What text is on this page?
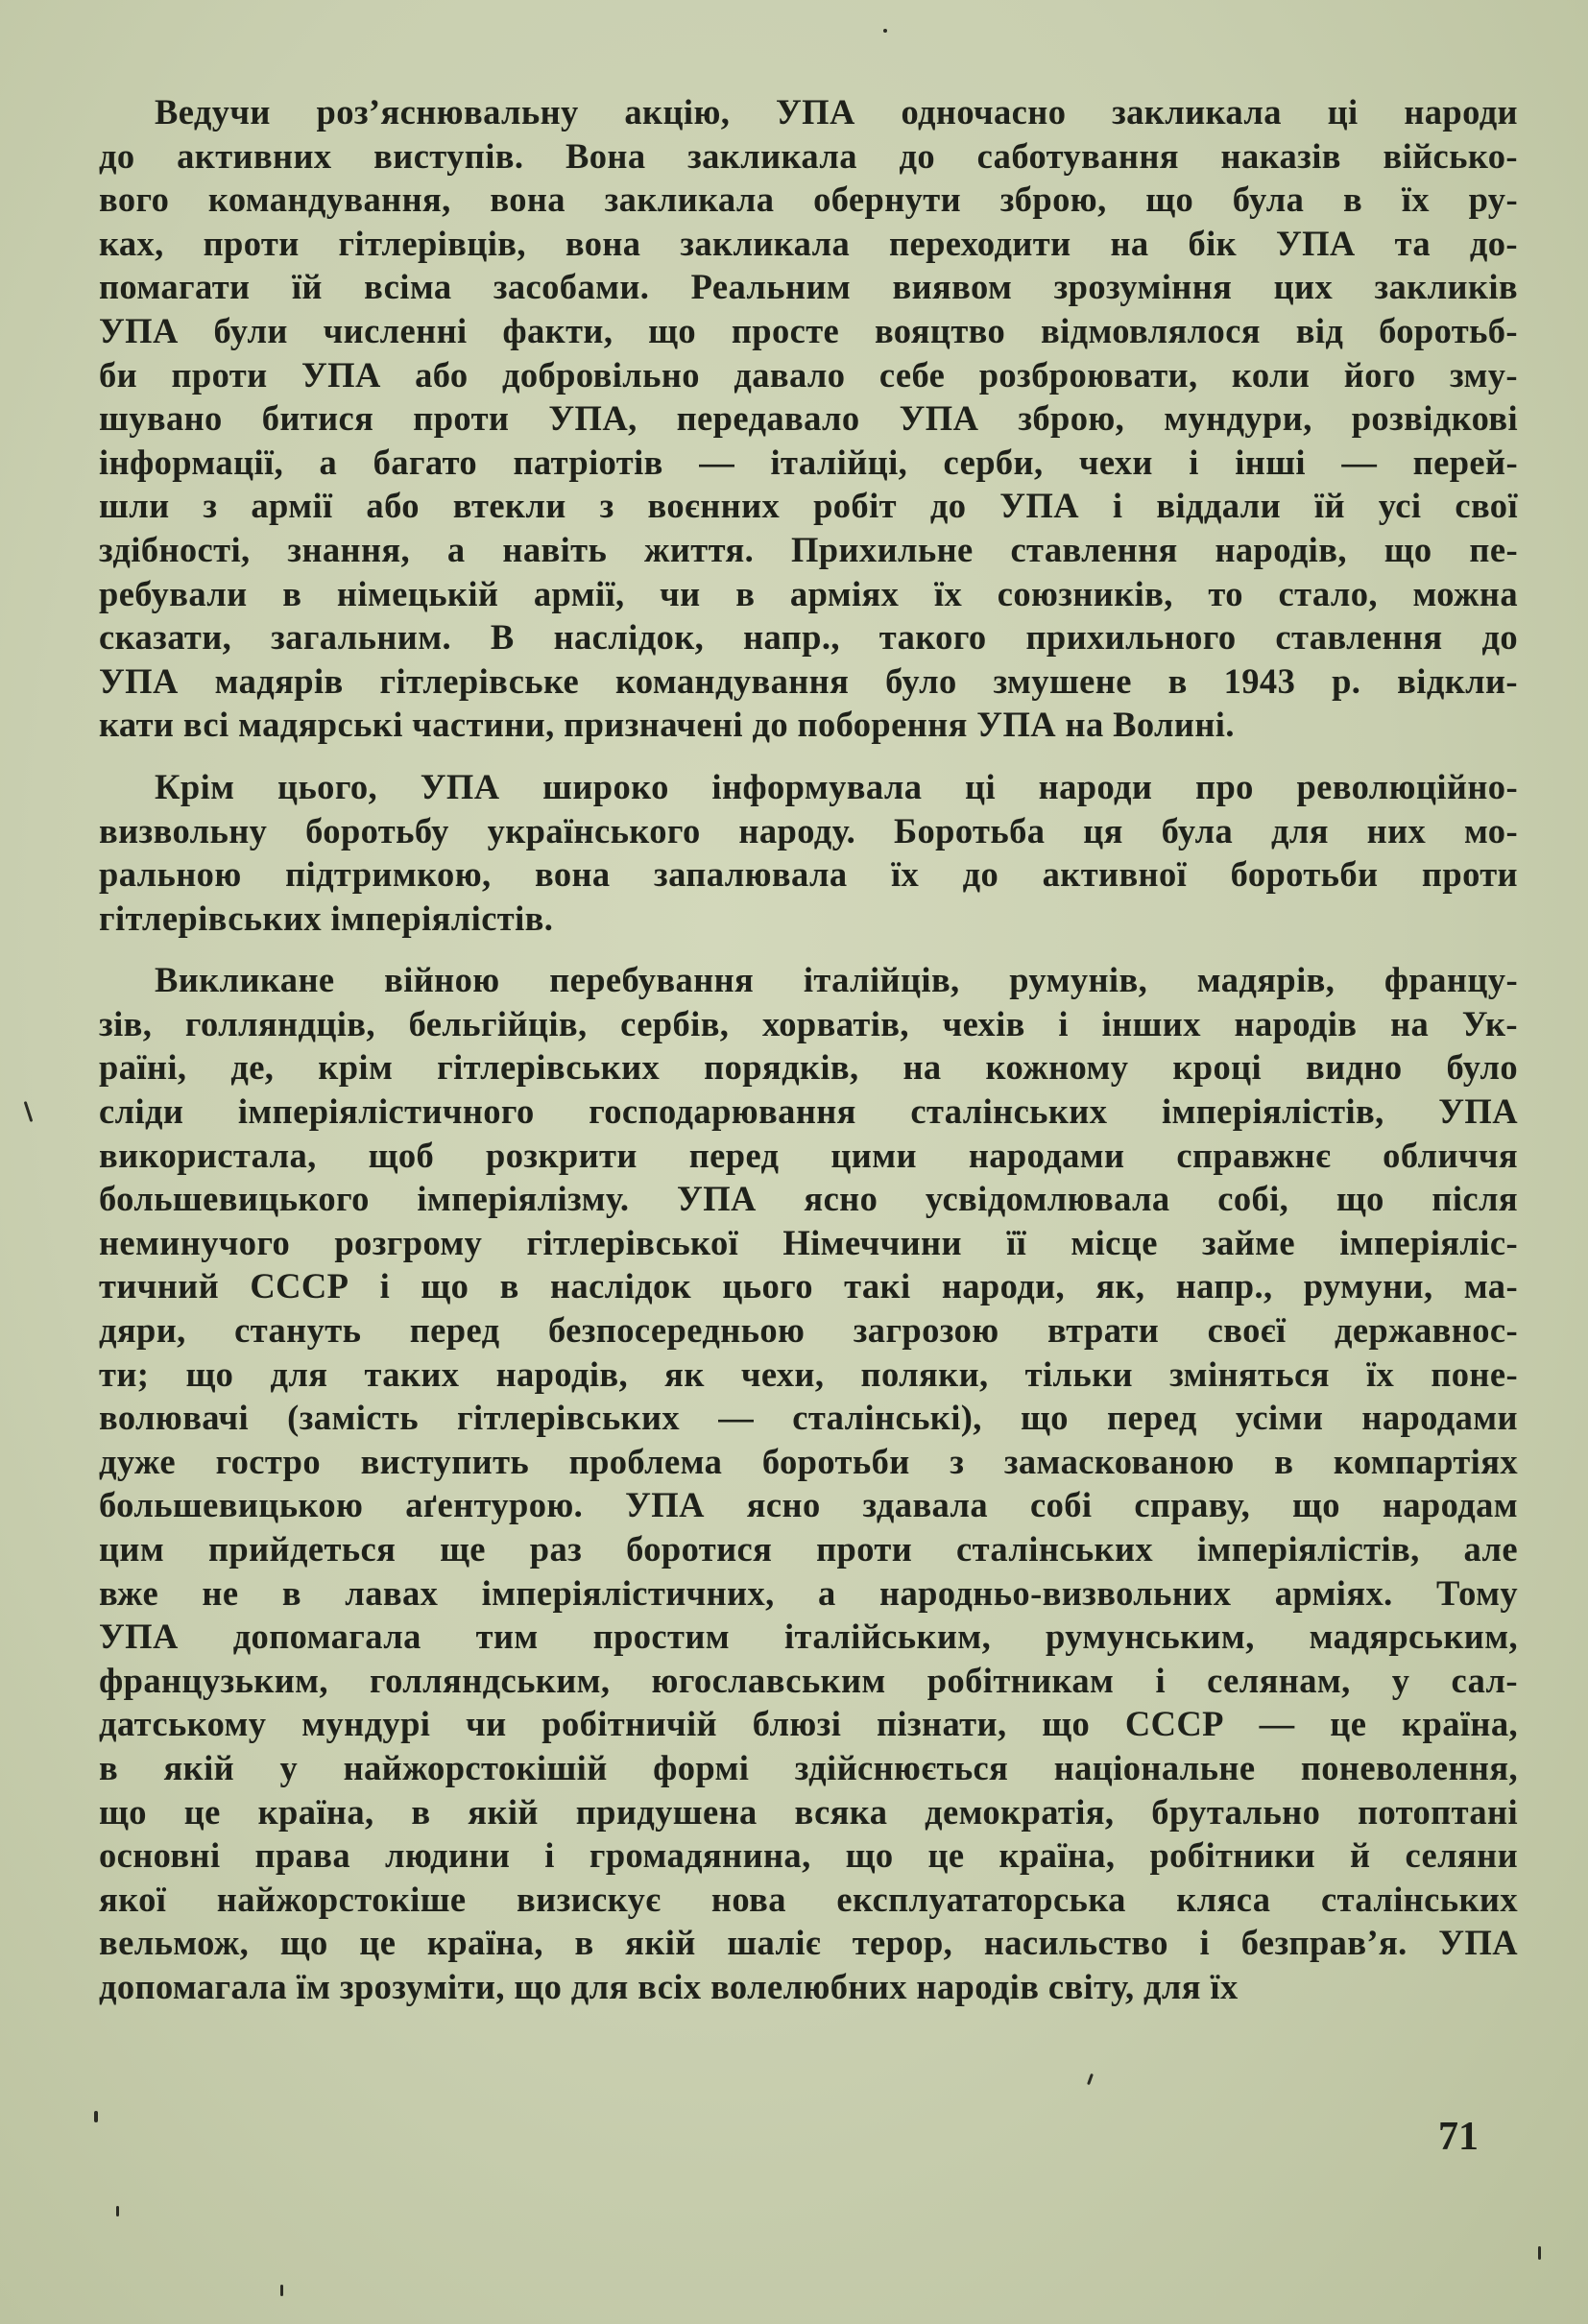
Ведучи роз’яснювальну акцію, УПА одночасно закликала ці народи
до активних виступів. Вона закликала до саботування наказів військо-
вого командування, вона закликала обернути зброю, що була в їх ру-
ках, проти гітлерівців, вона закликала переходити на бік УПА та до-
помагати їй всіма засобами. Реальним виявом зрозуміння цих закликів
УПА були численні факти, що просте вояцтво відмовлялося від боротьб-
би проти УПА або добровільно давало себе розброювати, коли його зму-
шувано битися проти УПА, передавало УПА зброю, мундури, розвідкові
інформації, а багато патріотів — італійці, серби, чехи і інші — перей-
шли з армії або втекли з воєнних робіт до УПА і віддали їй усі свої
здібності, знання, а навіть життя. Прихильне ставлення народів, що пе-
ребували в німецькій армії, чи в арміях їх союзників, то стало, можна
сказати, загальним. В наслідок, напр., такого прихильного ставлення до
УПА мадярів гітлерівське командування було змушене в 1943 р. відкли-
кати всі мадярські частини, призначені до поборення УПА на Волині.
Крім цього, УПА широко інформувала ці народи про революційно-
визвольну боротьбу українського народу. Боротьба ця була для них мо-
ральною підтримкою, вона запалювала їх до активної боротьби проти
гітлерівських імперіялістів.
Викликане війною перебування італійців, румунів, мадярів, францу-
зів, голляндців, бельгійців, сербів, хорватів, чехів і інших народів на Ук-
раїні, де, крім гітлерівських порядків, на кожному кроці видно було
сліди імперіялістичного господарювання сталінських імперіялістів, УПА
використала, щоб розкрити перед цими народами справжнє обличчя
большевицького імперіялізму. УПА ясно усвідомлювала собі, що після
неминучого розгрому гітлерівської Німеччини її місце займе імперіяліс-
тичний СССР і що в наслідок цього такі народи, як, напр., румуни, ма-
дяри, стануть перед безпосередньою загрозою втрати своєї державнос-
ти; що для таких народів, як чехи, поляки, тільки зміняться їх поне-
волювачі (замість гітлерівських — сталінські), що перед усіми народами
дуже гостро виступить проблема боротьби з замаскованою в компартіях
большевицькою аґентурою. УПА ясно здавала собі справу, що народам
цим прийдеться ще раз боротися проти сталінських імперіялістів, але
вже не в лавах імперіялістичних, а народньо-визвольних арміях. Тому
УПА допомагала тим простим італійським, румунським, мадярським,
французьким, голляндським, югославським робітникам і селянам, у сал-
датському мундурі чи робітничій блюзі пізнати, що СССР — це країна,
в якій у найжорстокішій формі здійснюється національне поневолення,
що це країна, в якій придушена всяка демократія, брутально потоптані
основні права людини і громадянина, що це країна, робітники й селяни
якої найжорстокіше визискує нова експлуататорська кляса сталінських
вельмож, що це країна, в якій шаліє терор, насильство і безправ’я. УПА
допомагала їм зрозуміти, що для всіх волелюбних народів світу, для їх
71
